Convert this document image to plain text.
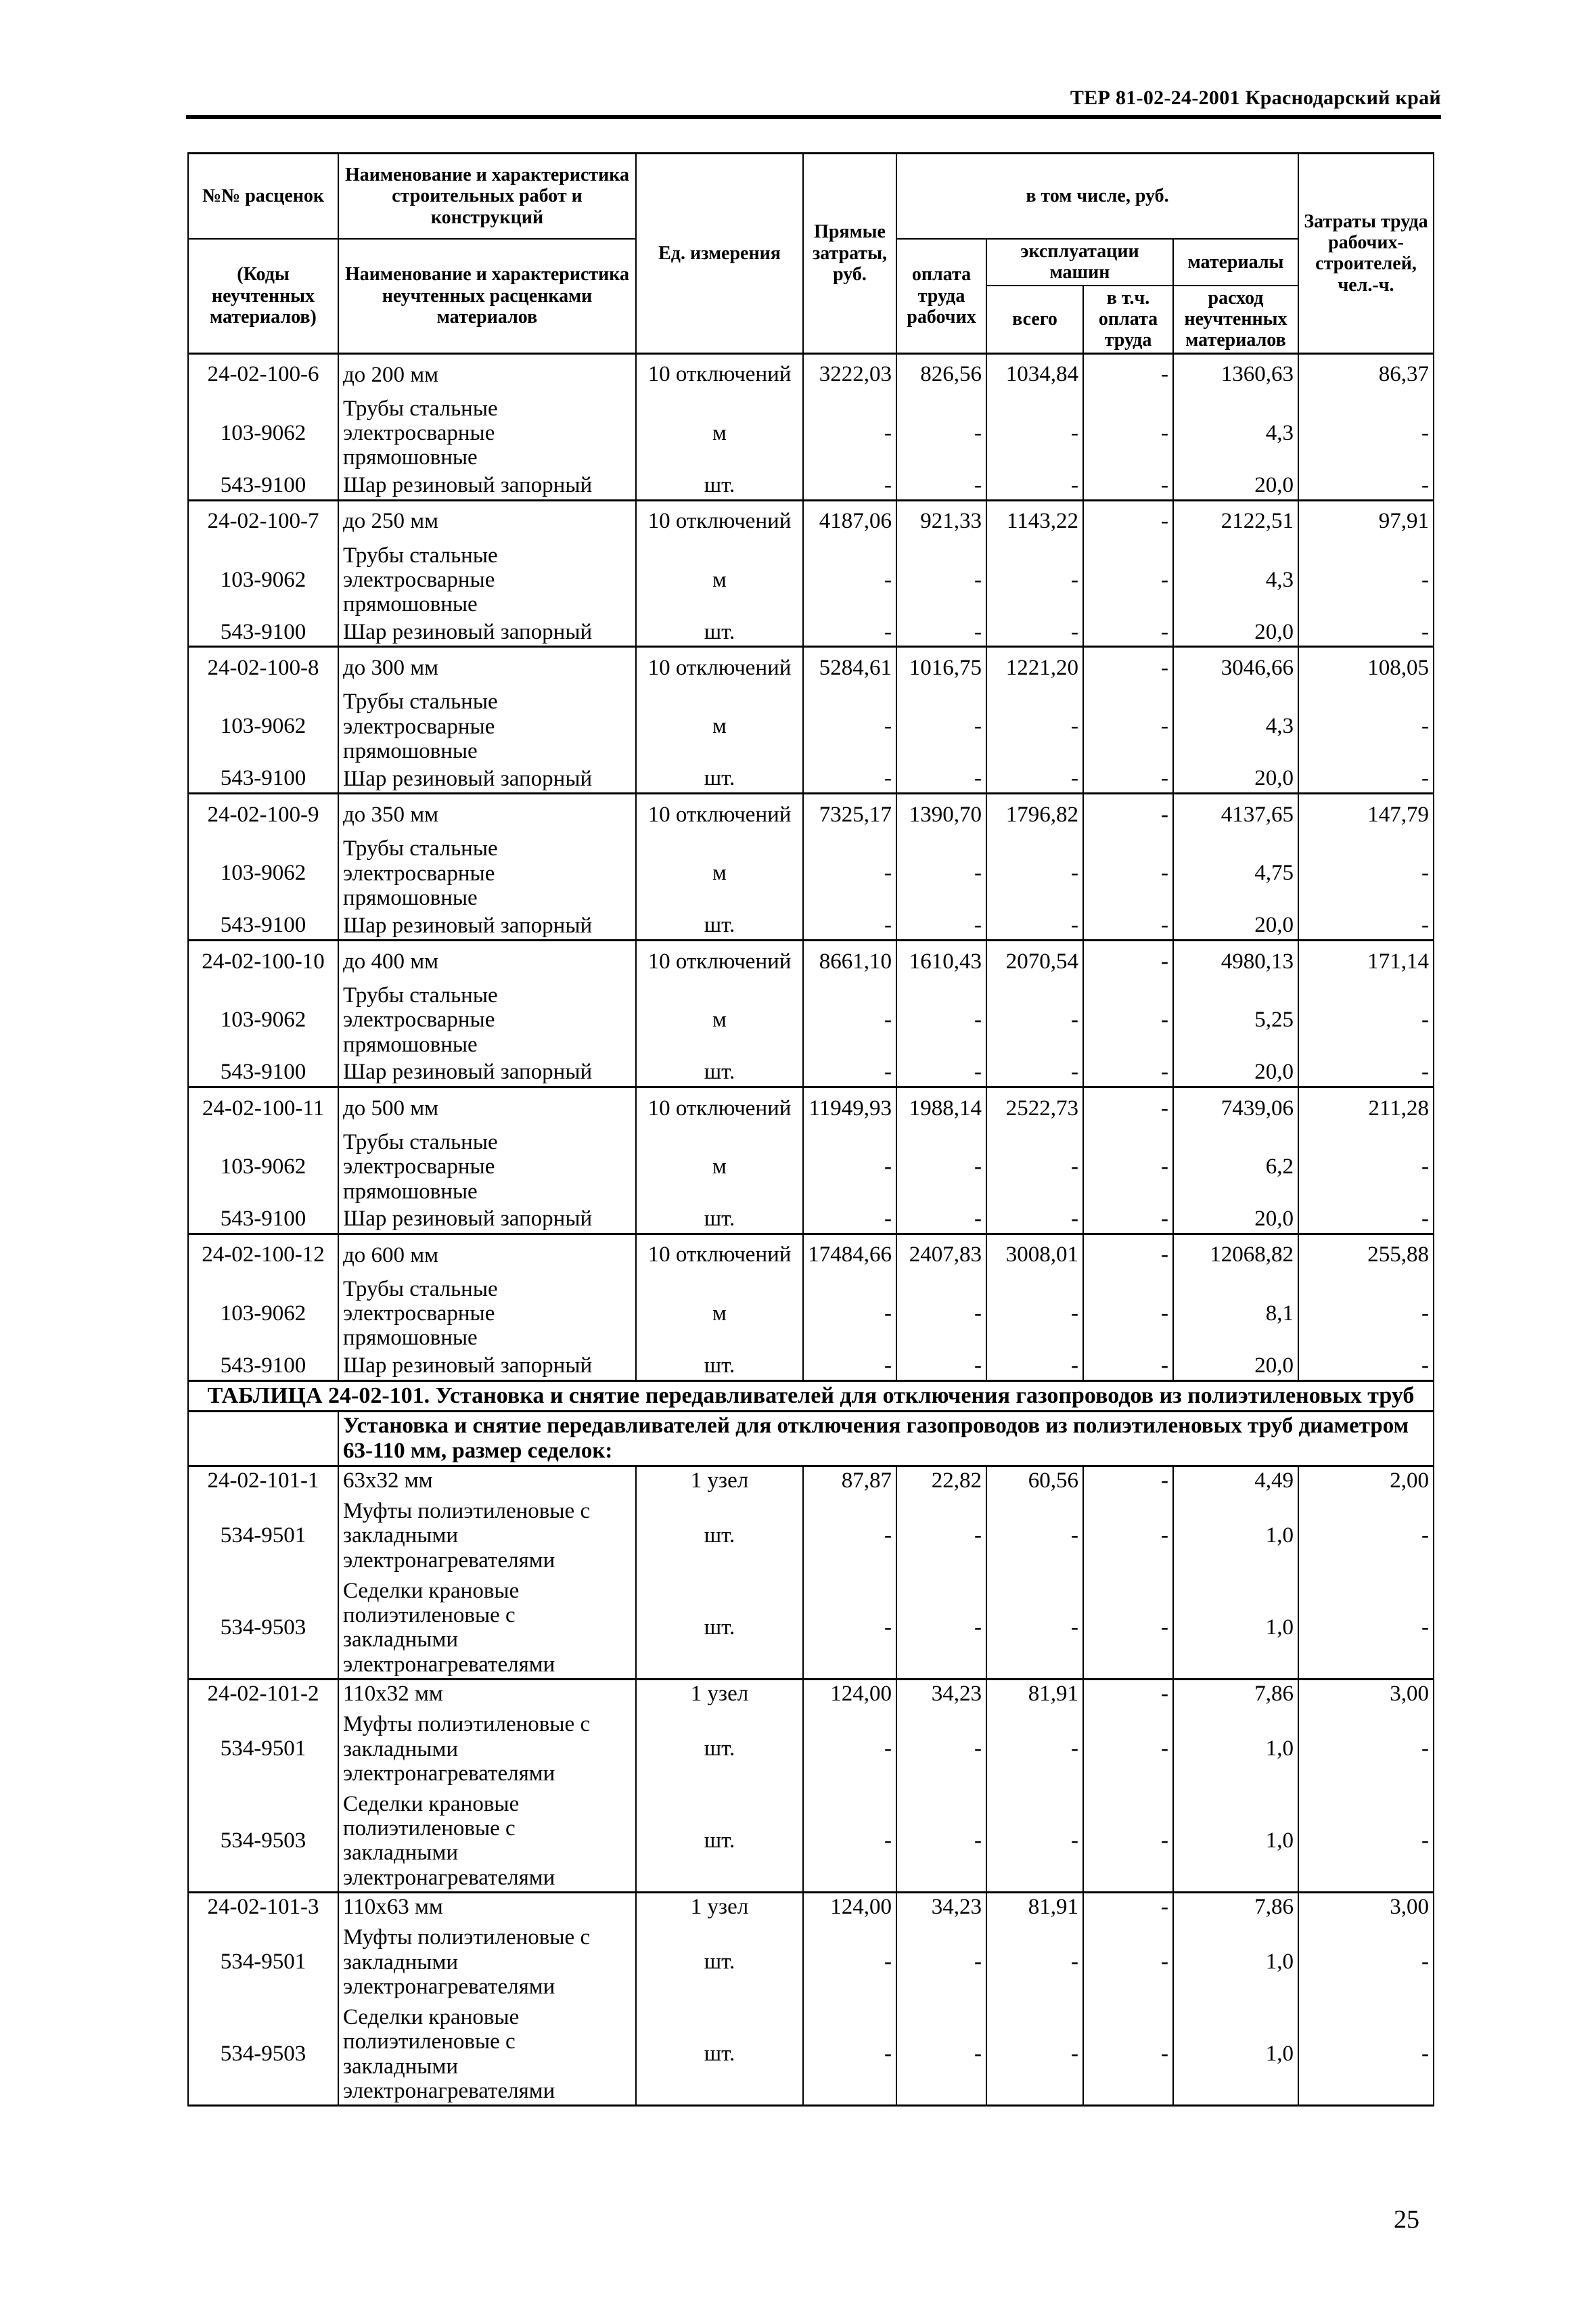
ТЕР 81-02-24-2001 Краснодарский край
№№ расценок	Наименование и характеристика строительных работ и конструкций	Ед. измерения	Прямые затраты, руб.	в том числе, руб.				Затраты труда рабочих-строителей, чел.-ч.
(Коды неучтенных материалов)	Наименование и характеристика неучтенных расценками материалов			оплата труда рабочих	эксплуатации машин		материалы	
					всего	в т.ч. оплата труда	расход неучтенных материалов	

24-02-100-6	до 200 мм	10 отключений	3222,03	826,56	1034,84	-	1360,63	86,37
103-9062	Трубы стальные электросварные прямошовные	м	-	-	-	-	4,3	-
543-9100	Шар резиновый запорный	шт.	-	-	-	-	20,0	-
24-02-100-7	до 250 мм	10 отключений	4187,06	921,33	1143,22	-	2122,51	97,91
103-9062	Трубы стальные электросварные прямошовные	м	-	-	-	-	4,3	-
543-9100	Шар резиновый запорный	шт.	-	-	-	-	20,0	-
24-02-100-8	до 300 мм	10 отключений	5284,61	1016,75	1221,20	-	3046,66	108,05
103-9062	Трубы стальные электросварные прямошовные	м	-	-	-	-	4,3	-
543-9100	Шар резиновый запорный	шт.	-	-	-	-	20,0	-
24-02-100-9	до 350 мм	10 отключений	7325,17	1390,70	1796,82	-	4137,65	147,79
103-9062	Трубы стальные электросварные прямошовные	м	-	-	-	-	4,75	-
543-9100	Шар резиновый запорный	шт.	-	-	-	-	20,0	-
24-02-100-10	до 400 мм	10 отключений	8661,10	1610,43	2070,54	-	4980,13	171,14
103-9062	Трубы стальные электросварные прямошовные	м	-	-	-	-	5,25	-
543-9100	Шар резиновый запорный	шт.	-	-	-	-	20,0	-
24-02-100-11	до 500 мм	10 отключений	11949,93	1988,14	2522,73	-	7439,06	211,28
103-9062	Трубы стальные электросварные прямошовные	м	-	-	-	-	6,2	-
543-9100	Шар резиновый запорный	шт.	-	-	-	-	20,0	-
24-02-100-12	до 600 мм	10 отключений	17484,66	2407,83	3008,01	-	12068,82	255,88
103-9062	Трубы стальные электросварные прямошовные	м	-	-	-	-	8,1	-
543-9100	Шар резиновый запорный	шт.	-	-	-	-	20,0	-
ТАБЛИЦА 24-02-101. Установка и снятие передавливателей для отключения газопроводов из полиэтиленовых труб								
	Установка и снятие передавливателей для отключения газопроводов из полиэтиленовых труб диаметром 63-110 мм, размер седелок:							
24-02-101-1	63х32 мм	1 узел	87,87	22,82	60,56	-	4,49	2,00
534-9501	Муфты полиэтиленовые с закладными электронагревателями	шт.	-	-	-	-	1,0	-
534-9503	Седелки крановые полиэтиленовые с закладными электронагревателями	шт.	-	-	-	-	1,0	-
24-02-101-2	110х32 мм	1 узел	124,00	34,23	81,91	-	7,86	3,00
534-9501	Муфты полиэтиленовые с закладными электронагревателями	шт.	-	-	-	-	1,0	-
534-9503	Седелки крановые полиэтиленовые с закладными электронагревателями	шт.	-	-	-	-	1,0	-
24-02-101-3	110х63 мм	1 узел	124,00	34,23	81,91	-	7,86	3,00
534-9501	Муфты полиэтиленовые с закладными электронагревателями	шт.	-	-	-	-	1,0	-
534-9503	Седелки крановые полиэтиленовые с закладными электронагревателями	шт.	-	-	-	-	1,0	-
25
